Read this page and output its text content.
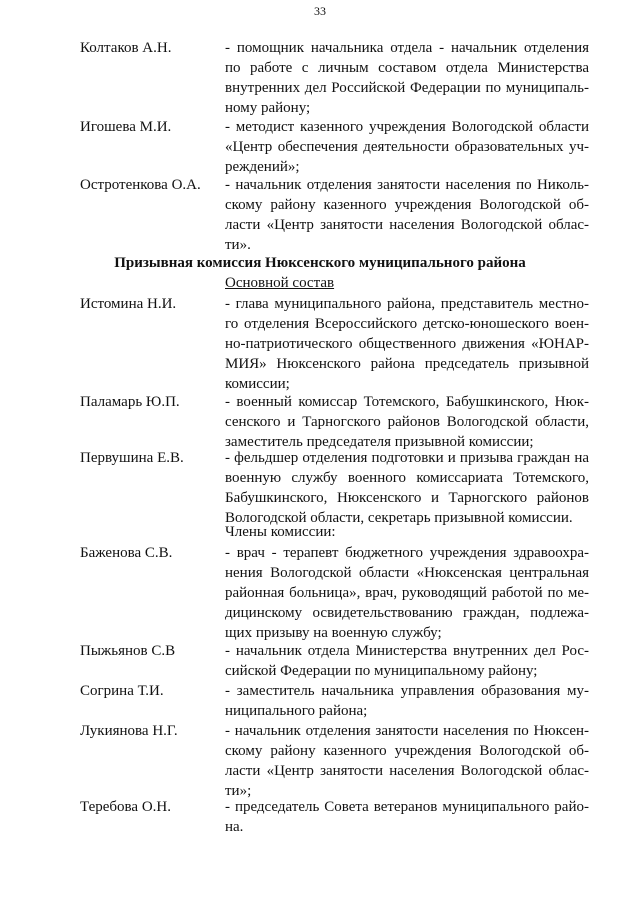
33
Колтаков А.Н.	- помощник начальника отдела - начальник отделения
по работе с личным составом отдела Министерства
внутренних дел Российской Федерации по муниципаль-
ному району;
Игошева М.И.	- методист казенного учреждения Вологодской области
«Центр обеспечения деятельности образовательных уч-
реждений»;
Остротенкова О.А. - начальник отделения занятости населения по Николь-
скому району казенного учреждения Вологодской об-
ласти «Центр занятости населения Вологодской облас-
ти».
Призывная комиссия Нюксенского муниципального района
Основной состав
Истомина Н.И.	- глава муниципального района, представитель местно-
го отделения Всероссийского детско-юношеского воен-
но-патриотического общественного движения «ЮНАР-
МИЯ» Нюксенского района председатель призывной
комиссии;
Паламарь Ю.П.	- военный комиссар Тотемского, Бабушкинского, Нюк-
сенского и Тарногского районов Вологодской области,
заместитель председателя призывной комиссии;
Первушина Е.В.	- фельдшер отделения подготовки и призыва граждан на
военную службу военного комиссариата Тотемского,
Бабушкинского, Нюксенского и Тарногского районов
Вологодской области, секретарь призывной комиссии.
Члены комиссии:
Баженова С.В.	- врач - терапевт бюджетного учреждения здравоохра-
нения Вологодской области «Нюксенская центральная
районная больница», врач, руководящий работой по ме-
дицинскому освидетельствованию граждан, подлежа-
щих призыву на военную службу;
Пыжьянов С.В	- начальник отдела Министерства внутренних дел Рос-
сийской Федерации по муниципальному району;
Согрина Т.И.	- заместитель начальника управления образования му-
ниципального района;
Лукиянова Н.Г.	- начальник отделения занятости населения по Нюксен-
скому району казенного учреждения Вологодской об-
ласти «Центр занятости населения Вологодской облас-
ти»;
Теребова О.Н.	- председатель Совета ветеранов муниципального райо-
на.
